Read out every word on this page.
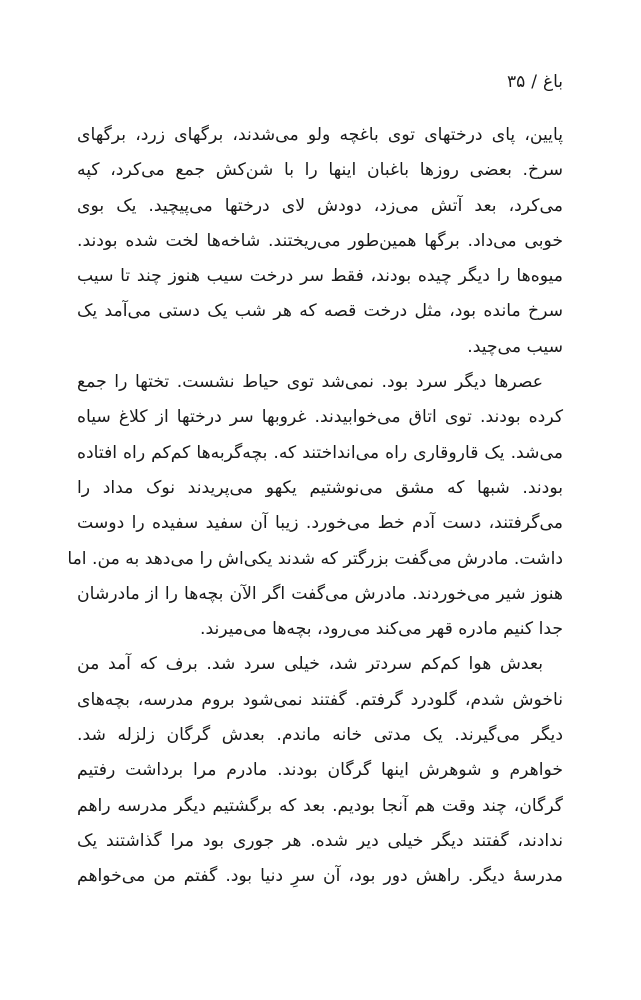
باغ/۳۵
پایین، پای درختهای توی باغچه ولو می‌شدند، برگهای زرد، برگهای
سرخ. بعضی روزها باغبان اینها را با شن‌کش جمع می‌کرد، کپه
می‌کرد، بعد آتش می‌زد، دودش لای درختها می‌پیچید. یک بوی
خوبی می‌داد. برگها همین‌طور می‌ریختند. شاخه‌ها لخت شده بودند.
میوه‌ها را دیگر چیده بودند، فقط سر درخت سیب هنوز چند تا سیب
سرخ مانده بود، مثل درخت قصه که هر شب یک دستی می‌آمد یک
سیب می‌چید.
عصرها دیگر سرد بود. نمی‌شد توی حیاط نشست. تختها را جمع
کرده بودند. توی اتاق می‌خوابیدند. غروبها سر درختها از کلاغ سیاه
می‌شد. یک قاروقاری راه می‌انداختند که. بچه‌گربه‌ها کم‌کم راه افتاده
بودند. شبها که مشق می‌نوشتیم یکهو می‌پریدند نوک مداد را
می‌گرفتند، دست آدم خط می‌خورد. زیبا آن سفید سفیده را دوست
داشت. مادرش می‌گفت بزرگتر که شدند یکی‌اش را می‌دهد به من. اما
هنوز شیر می‌خوردند. مادرش می‌گفت اگر الآن بچه‌ها را از مادرشان
جدا کنیم مادره قهر می‌کند می‌رود، بچه‌ها می‌میرند.
بعدش هوا کم‌کم سردتر شد، خیلی سرد شد. برف که آمد من
ناخوش شدم، گلودرد گرفتم. گفتند نمی‌شود بروم مدرسه، بچه‌های
دیگر می‌گیرند. یک مدتی خانه ماندم. بعدش گرگان زلزله شد.
خواهرم و شوهرش اینها گرگان بودند. مادرم مرا برداشت رفتیم
گرگان، چند وقت هم آنجا بودیم. بعد که برگشتیم دیگر مدرسه راهم
ندادند، گفتند دیگر خیلی دیر شده. هر جوری بود مرا گذاشتند یک
مدرسهٔ دیگر. راهش دور بود، آن سرِ دنیا بود. گفتم من می‌خواهم
